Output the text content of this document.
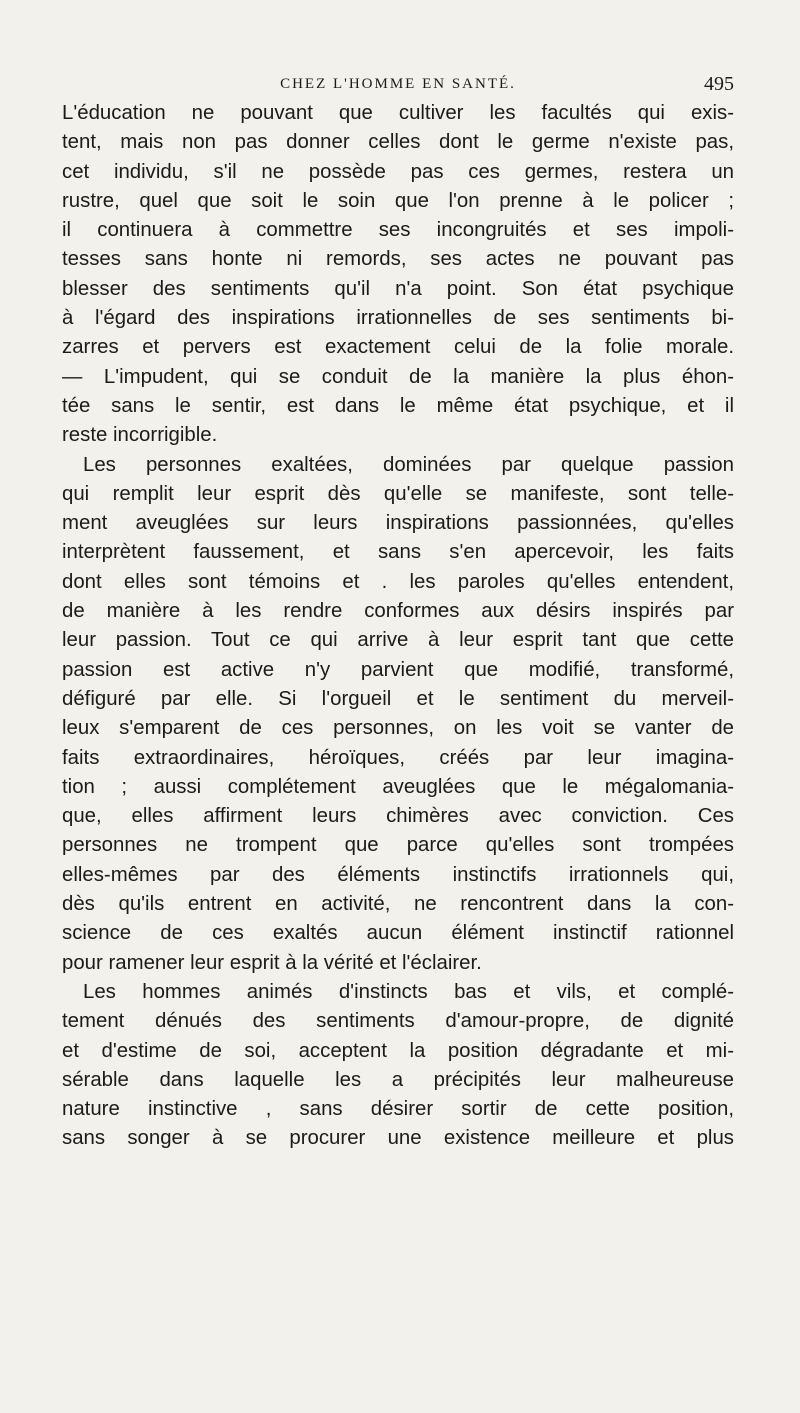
CHEZ L'HOMME EN SANTÉ.	495
L'éducation ne pouvant que cultiver les facultés qui exis-
tent, mais non pas donner celles dont le germe n'existe pas,
cet individu, s'il ne possède pas ces germes, restera un
rustre, quel que soit le soin que l'on prenne à le policer ;
il continuera à commettre ses incongruités et ses impoli-
tesses sans honte ni remords, ses actes ne pouvant pas
blesser des sentiments qu'il n'a point. Son état psychique
à l'égard des inspirations irrationnelles de ses sentiments bi-
zarres et pervers est exactement celui de la folie morale.
— L'impudent, qui se conduit de la manière la plus éhon-
tée sans le sentir, est dans le même état psychique, et il
reste incorrigible.
Les personnes exaltées, dominées par quelque passion
qui remplit leur esprit dès qu'elle se manifeste, sont telle-
ment aveuglées sur leurs inspirations passionnées, qu'elles
interprètent faussement, et sans s'en apercevoir, les faits
dont elles sont témoins et . les paroles qu'elles entendent,
de manière à les rendre conformes aux désirs inspirés par
leur passion. Tout ce qui arrive à leur esprit tant que cette
passion est active n'y parvient que modifié, transformé,
défiguré par elle. Si l'orgueil et le sentiment du merveil-
leux s'emparent de ces personnes, on les voit se vanter de
faits extraordinaires, héroïques, créés par leur imagina-
tion ; aussi complétement aveuglées que le mégalomania-
que, elles affirment leurs chimères avec conviction. Ces
personnes ne trompent que parce qu'elles sont trompées
elles-mêmes par des éléments instinctifs irrationnels qui,
dès qu'ils entrent en activité, ne rencontrent dans la con-
science de ces exaltés aucun élément instinctif rationnel
pour ramener leur esprit à la vérité et l'éclairer.
Les hommes animés d'instincts bas et vils, et complé-
tement dénués des sentiments d'amour-propre, de dignité
et d'estime de soi, acceptent la position dégradante et mi-
sérable dans laquelle les a précipités leur malheureuse
nature instinctive , sans désirer sortir de cette position,
sans songer à se procurer une existence meilleure et plus
